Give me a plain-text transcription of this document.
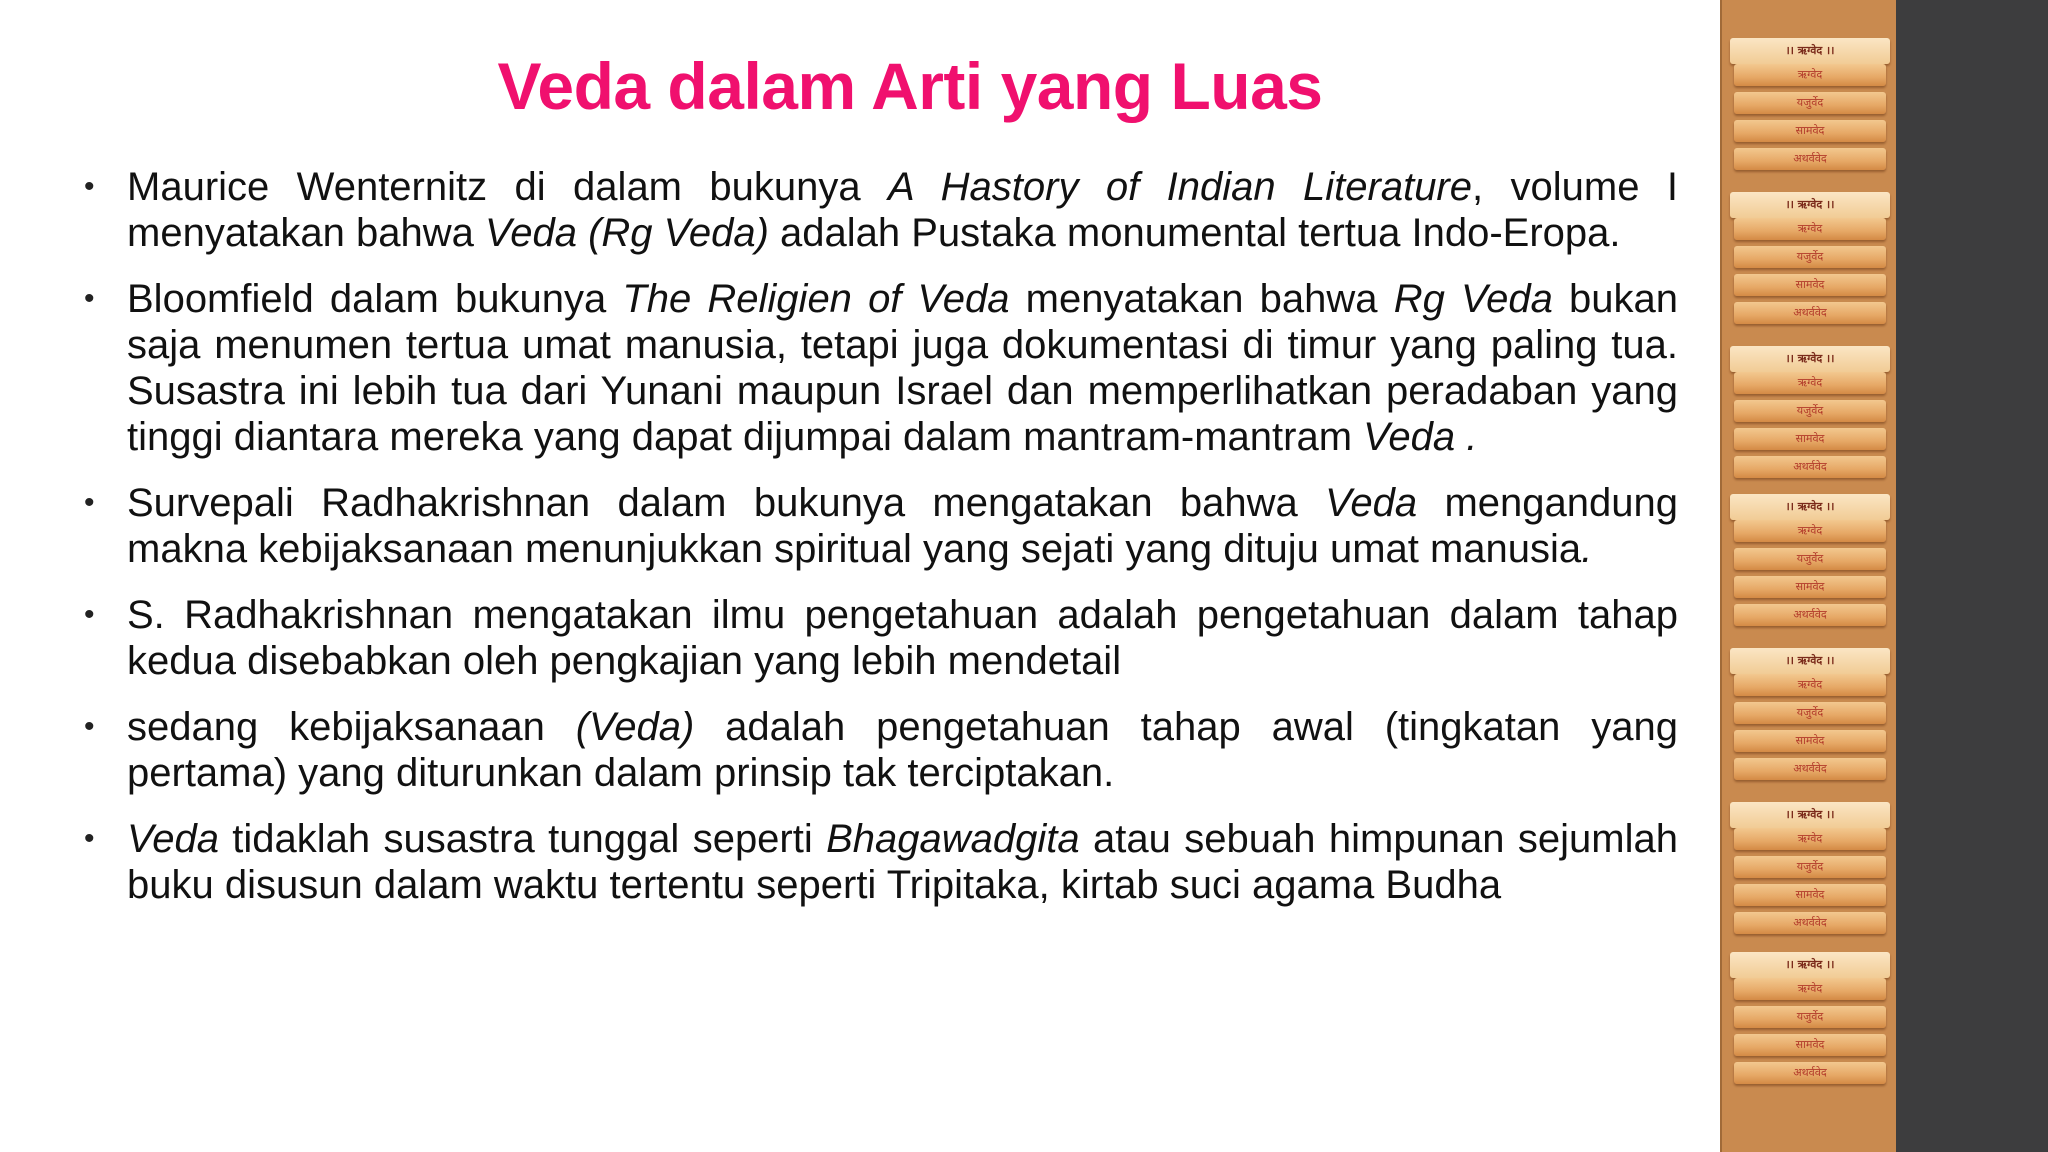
Veda dalam Arti yang Luas
• Maurice Wenternitz di dalam bukunya A Hastory of Indian Literature, volume I menyatakan bahwa Veda (Rg Veda) adalah Pustaka monumental tertua Indo-Eropa.
• Bloomfield dalam bukunya The Religien of Veda menyatakan bahwa Rg Veda bukan saja menumen tertua umat manusia, tetapi juga dokumentasi di timur yang paling tua. Susastra ini lebih tua dari Yunani maupun Israel dan memperlihatkan peradaban yang tinggi diantara mereka yang dapat dijumpai dalam mantram-mantram Veda .
• Survepali Radhakrishnan dalam bukunya mengatakan bahwa Veda mengandung makna kebijaksanaan menunjukkan spiritual yang sejati yang dituju umat manusia.
• S. Radhakrishnan mengatakan ilmu pengetahuan adalah pengetahuan dalam tahap kedua disebabkan oleh pengkajian yang lebih mendetail
• sedang kebijaksanaan (Veda) adalah pengetahuan tahap awal (tingkatan yang pertama) yang diturunkan dalam prinsip tak terciptakan.
• Veda tidaklah susastra tunggal seperti Bhagawadgita atau sebuah himpunan sejumlah buku disusun dalam waktu tertentu seperti Tripitaka, kirtab suci agama Budha
।। ऋग्वेद ।।
ऋग्वेद
यजुर्वेद
सामवेद
अथर्ववेद
।। ऋग्वेद ।।
ऋग्वेद
यजुर्वेद
सामवेद
अथर्ववेद
।। ऋग्वेद ।।
ऋग्वेद
यजुर्वेद
सामवेद
अथर्ववेद
।। ऋग्वेद ।।
ऋग्वेद
यजुर्वेद
सामवेद
अथर्ववेद
।। ऋग्वेद ।।
ऋग्वेद
यजुर्वेद
सामवेद
अथर्ववेद
।। ऋग्वेद ।।
ऋग्वेद
यजुर्वेद
सामवेद
अथर्ववेद
।। ऋग्वेद ।।
ऋग्वेद
यजुर्वेद
सामवेद
अथर्ववेद
